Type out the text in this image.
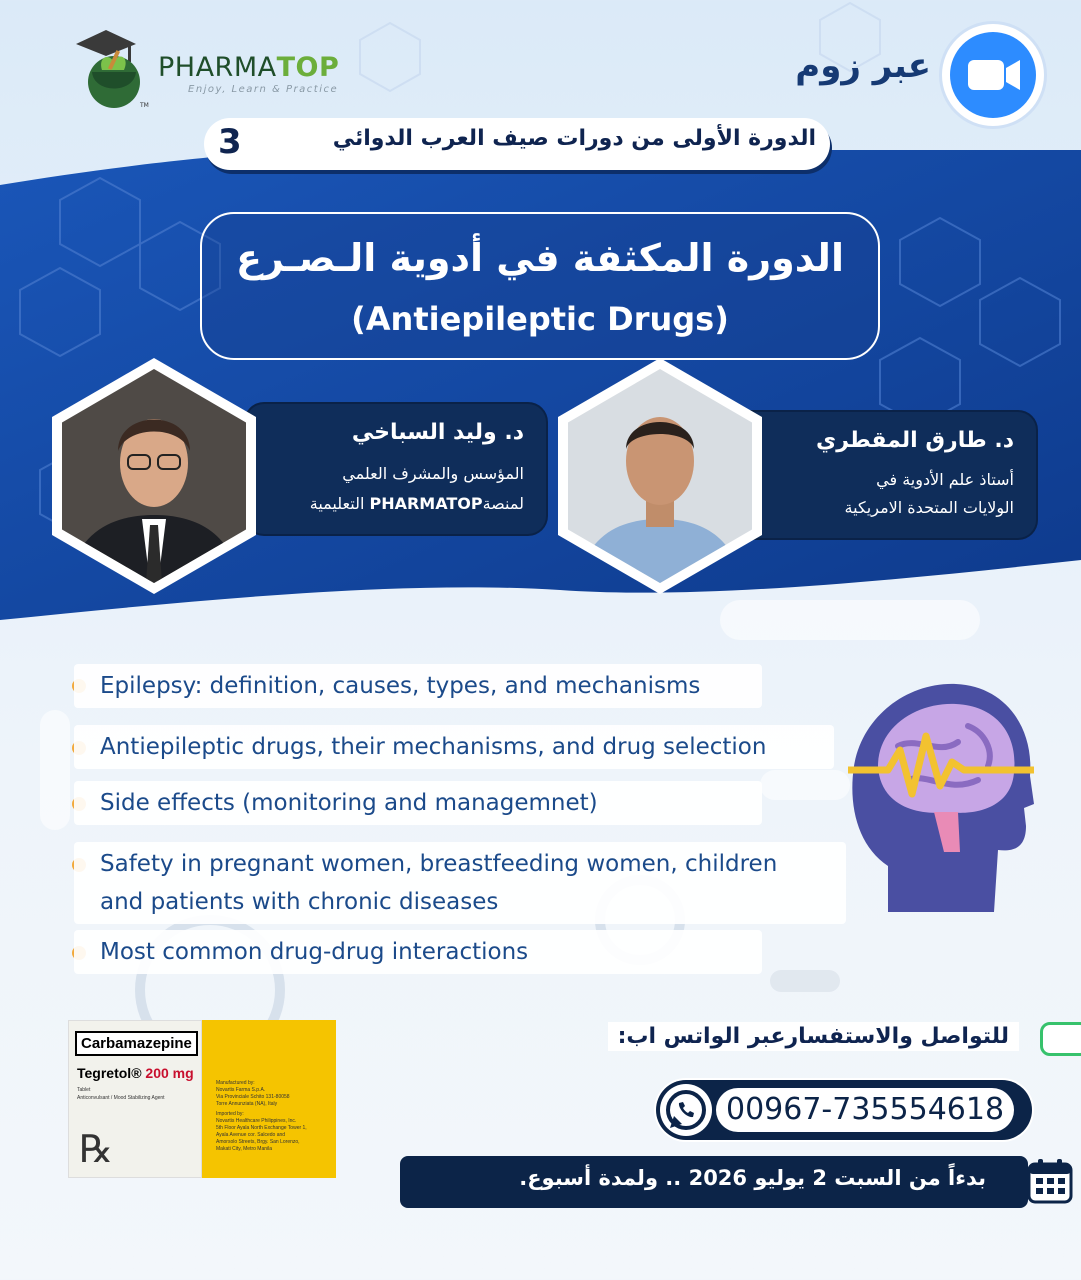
PHARMATOP
Enjoy, Learn & Practice
TM
عبر زوم
الدورة الأولى من دورات صيف العرب الدوائي
3
الدورة المكثفة في أدوية الـصـرع
(Antiepileptic Drugs)
د. طارق المقطري
أستاذ علم الأدوية في
الولايات المتحدة الامريكية
د. وليد السباخي
المؤسس والمشرف العلمي
لمنصةPHARMATOP التعليمية
Epilepsy: definition, causes, types, and mechanisms
Antiepileptic drugs, their mechanisms, and drug selection
Side effects (monitoring and managemnet)
Safety in pregnant women, breastfeeding women, children
and patients with chronic diseases
Most common drug-drug interactions
للتواصل والاستفسارعبر الواتس اب:
00967-735554618
بدءاً من السبت 2 يوليو 2026 .. ولمدة أسبوع.
Carbamazepine
Tegretol® 200 mg
Tablet
Anticonvulsant / Mood Stabilizing Agent
℞
Manufactured by:
Novartis Farma S.p.A.
Via Provinciale Schito 131-80058
Torre Annunziata (NA), Italy
Imported by:
Novartis Healthcare Philippines, Inc.
5th Floor Ayala North Exchange Tower 1,
Ayala Avenue cor. Salcedo and
Amorsolo Streets, Brgy. San Lorenzo,
Makati City, Metro Manila
